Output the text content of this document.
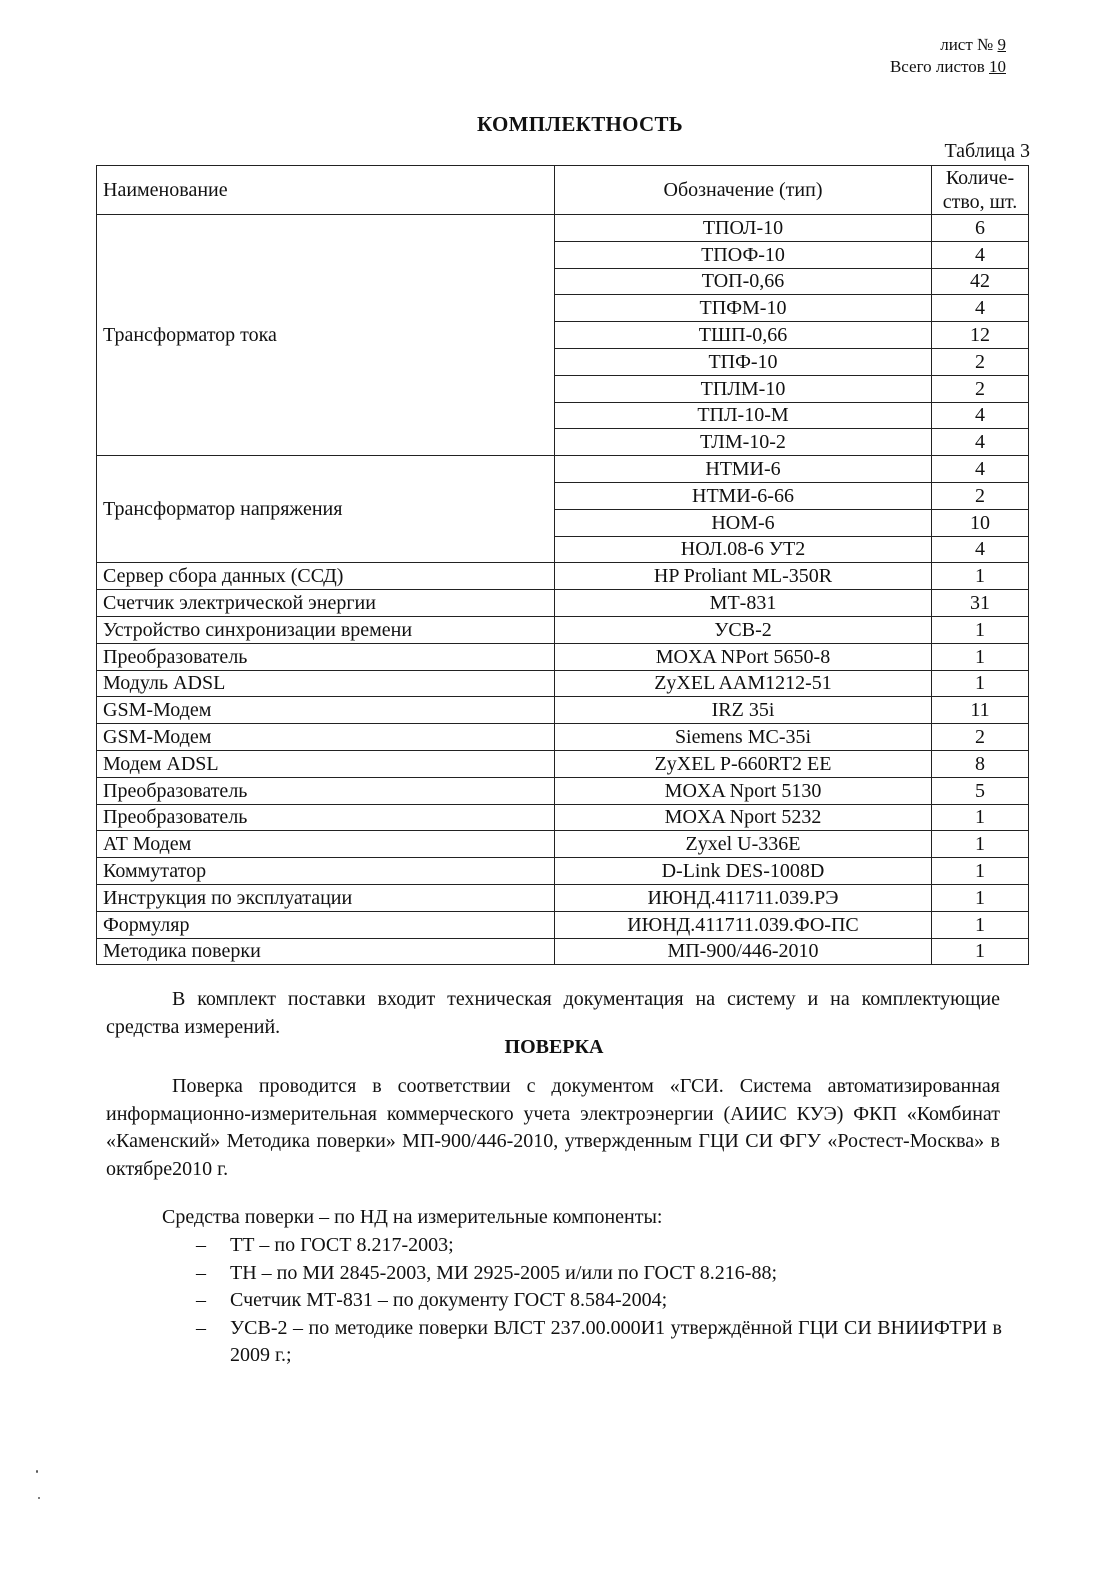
лист № 9
Всего листов 10
КОМПЛЕКТНОСТЬ
Таблица 3
Наименование	Обозначение (тип)	Количе-
ство, шт.

Трансформатор тока	ТПОЛ-10	6
	ТПОФ-10	4
	ТОП-0,66	42
	ТПФМ-10	4
	ТШП-0,66	12
	ТПФ-10	2
	ТПЛМ-10	2
	ТПЛ-10-М	4
	ТЛМ-10-2	4
Трансформатор напряжения	НТМИ-6	4
	НТМИ-6-66	2
	НОМ-6	10
	НОЛ.08-6 УТ2	4
Сервер сбора данных (ССД)	HP Proliant ML-350R	1
Счетчик электрической энергии	МТ-831	31
Устройство синхронизации времени	УСВ-2	1
Преобразователь	MOXA NPort 5650-8	1
Модуль ADSL	ZyXEL AAM1212-51	1
GSM-Модем	IRZ 35i	11
GSM-Модем	Siemens MC-35i	2
Модем ADSL	ZyXEL P-660RT2 EE	8
Преобразователь	MOXA Nport 5130	5
Преобразователь	MOXA Nport 5232	1
АТ Модем	Zyxel U-336E	1
Коммутатор	D-Link DES-1008D	1
Инструкция по эксплуатации	ИЮНД.411711.039.РЭ	1
Формуляр	ИЮНД.411711.039.ФО-ПС	1
Методика поверки	МП-900/446-2010	1
В комплект поставки входит техническая документация на систему и на комплектующие средства измерений.
ПОВЕРКА
Поверка проводится в соответствии с документом «ГСИ. Система автоматизированная информационно-измерительная коммерческого учета электроэнергии (АИИС КУЭ) ФКП «Комбинат «Каменский» Методика поверки» МП-900/446-2010, утвержденным ГЦИ СИ ФГУ «Ростест-Москва» в октябре2010 г.
Средства поверки – по НД на измерительные компоненты:
– ТТ – по ГОСТ 8.217-2003;
– ТН – по МИ 2845-2003, МИ 2925-2005 и/или по ГОСТ 8.216-88;
– Счетчик МТ-831 – по документу ГОСТ 8.584-2004;
– УСВ-2 – по методике поверки ВЛСТ 237.00.000И1 утверждённой ГЦИ СИ ВНИИФТРИ в 2009 г.;
